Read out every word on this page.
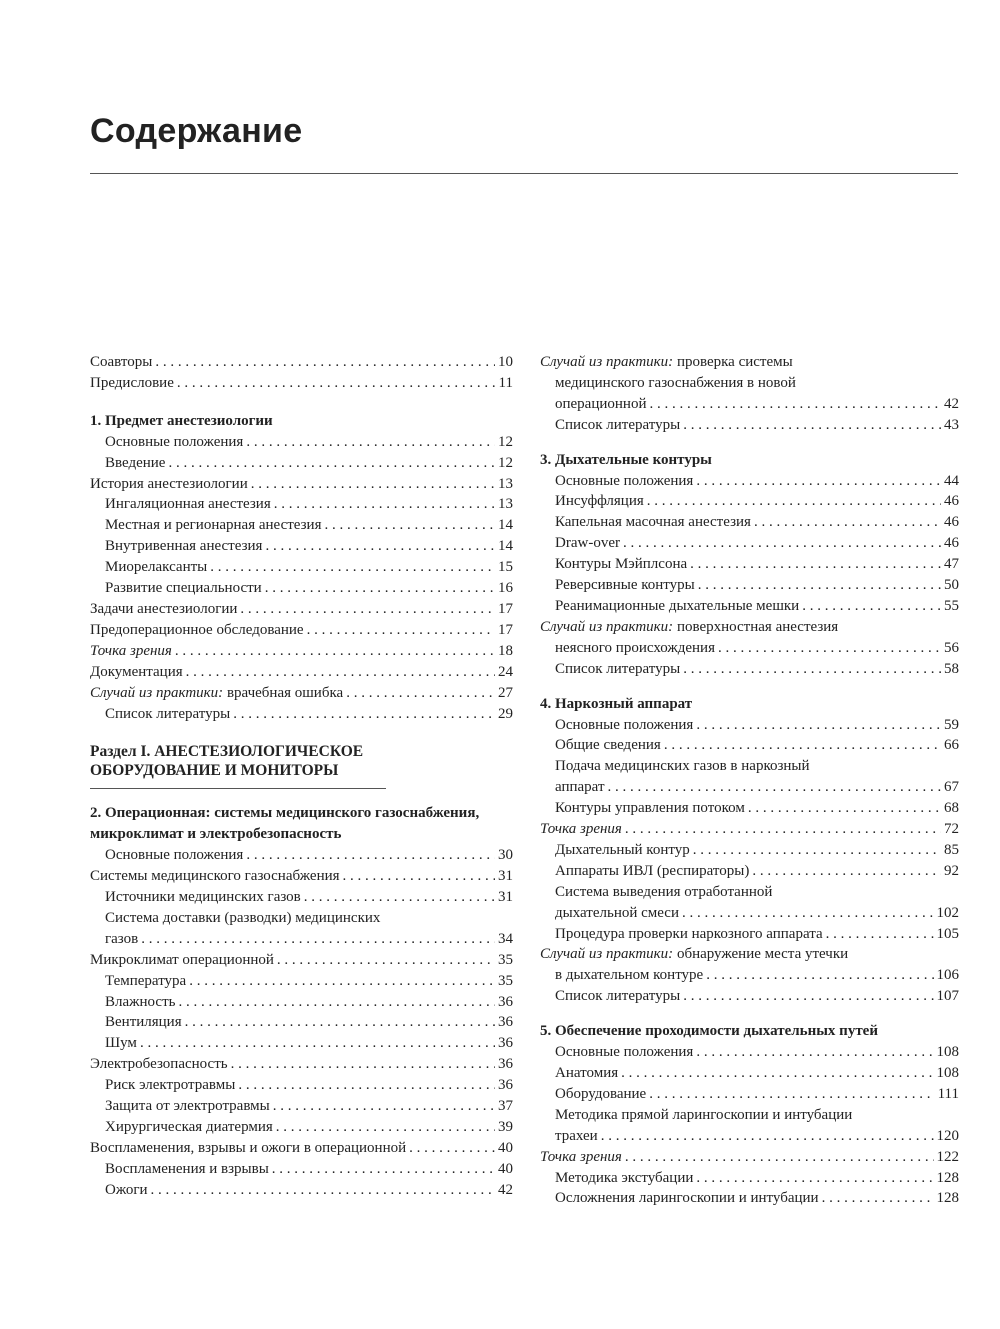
Содержание
Соавторы . . .	10
Предисловие . . .	11
1. Предмет анестезиологии
Основные положения . . .	12
Введение . . .	12
История анестезиологии . . .	13
Ингаляционная анестезия . . .	13
Местная и регионарная анестезия . . .	14
Внутривенная анестезия . . .	14
Миорелаксанты . . .	15
Развитие специальности . . .	16
Задачи анестезиологии . . .	17
Предоперационное обследование . . .	17
Точка зрения . . .	18
Документация . . .	24
Случай из практики: врачебная ошибка . . .	27
Список литературы . . .	29
Раздел I. АНЕСТЕЗИОЛОГИЧЕСКОЕ ОБОРУДОВАНИЕ И МОНИТОРЫ
2. Операционная: системы медицинского газоснабжения, микроклимат и электробезопасность
Основные положения . . .	30
Системы медицинского газоснабжения . . .	31
Источники медицинских газов . . .	31
Система доставки (разводки) медицинских
газов . . .	34
Микроклимат операционной . . .	35
Температура . . .	35
Влажность . . .	36
Вентиляция . . .	36
Шум . . .	36
Электробезопасность . . .	36
Риск электротравмы . . .	36
Защита от электротравмы . . .	37
Хирургическая диатермия . . .	39
Воспламенения, взрывы и ожоги в операционной . . .	40
Воспламенения и взрывы . . .	40
Ожоги . . .	42
Случай из практики: проверка системы
медицинского газоснабжения в новой
операционной . . .	42
Список литературы . . .	43
3. Дыхательные контуры
Основные положения . . .	44
Инсуффляция . . .	46
Капельная масочная анестезия . . .	46
Draw-over . . .	46
Контуры Мэйплсона . . .	47
Реверсивные контуры . . .	50
Реанимационные дыхательные мешки . . .	55
Случай из практики: поверхностная анестезия
неясного происхождения . . .	56
Список литературы . . .	58
4. Наркозный аппарат
Основные положения . . .	59
Общие сведения . . .	66
Подача медицинских газов в наркозный
аппарат . . .	67
Контуры управления потоком . . .	68
Точка зрения . . .	72
Дыхательный контур . . .	85
Аппараты ИВЛ (респираторы) . . .	92
Система выведения отработанной
дыхательной смеси . . .	102
Процедура проверки наркозного аппарата . . .	105
Случай из практики: обнаружение места утечки
в дыхательном контуре . . .	106
Список литературы . . .	107
5. Обеспечение проходимости дыхательных путей
Основные положения . . .	108
Анатомия . . .	108
Оборудование . . .	111
Методика прямой ларингоскопии и интубации
трахеи . . .	120
Точка зрения . . .	122
Методика экстубации . . .	128
Осложнения ларингоскопии и интубации . . .	128
